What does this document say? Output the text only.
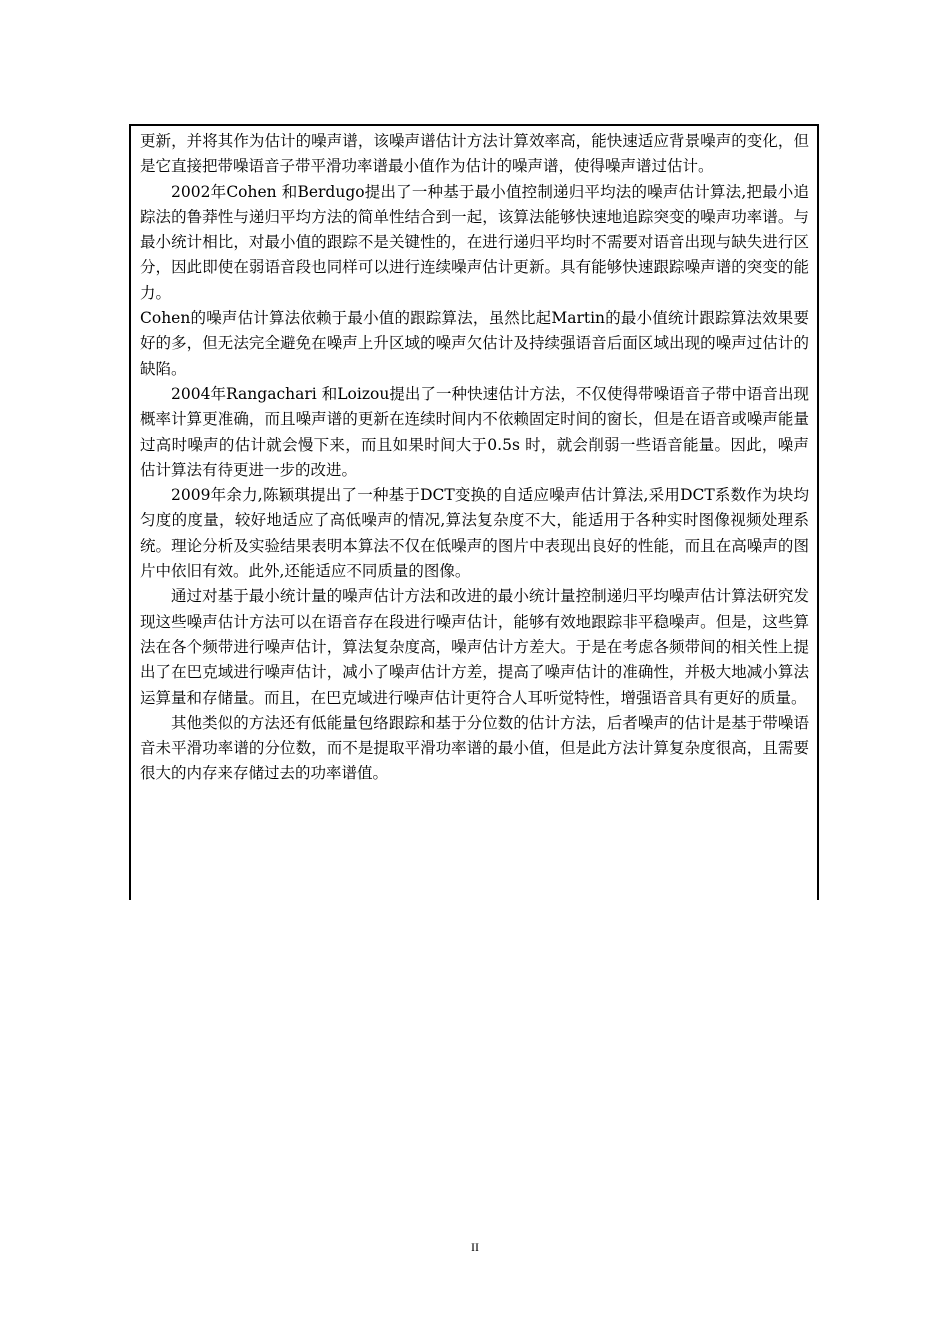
更新，并将其作为估计的噪声谱，该噪声谱估计方法计算效率高，能快速适应背景噪声的变化，但是它直接把带噪语音子带平滑功率谱最小值作为估计的噪声谱，使得噪声谱过估计。

2002年Cohen 和Berdugo提出了一种基于最小值控制递归平均法的噪声估计算法,把最小追踪法的鲁莽性与递归平均方法的简单性结合到一起，该算法能够快速地追踪突变的噪声功率谱。与最小统计相比，对最小值的跟踪不是关键性的，在进行递归平均时不需要对语音出现与缺失进行区分，因此即使在弱语音段也同样可以进行连续噪声估计更新。具有能够快速跟踪噪声谱的突变的能力。

Cohen的噪声估计算法依赖于最小值的跟踪算法，虽然比起Martin的最小值统计跟踪算法效果要好的多，但无法完全避免在噪声上升区域的噪声欠估计及持续强语音后面区域出现的噪声过估计的缺陷。

2004年Rangachari 和Loizou提出了一种快速估计方法，不仅使得带噪语音子带中语音出现概率计算更准确，而且噪声谱的更新在连续时间内不依赖固定时间的窗长，但是在语音或噪声能量过高时噪声的估计就会慢下来，而且如果时间大于0.5s 时，就会削弱一些语音能量。因此，噪声估计算法有待更进一步的改进。

2009年余力,陈颖琪提出了一种基于DCT变换的自适应噪声估计算法,采用DCT系数作为块均匀度的度量，较好地适应了高低噪声的情况,算法复杂度不大，能适用于各种实时图像视频处理系统。理论分析及实验结果表明本算法不仅在低噪声的图片中表现出良好的性能，而且在高噪声的图片中依旧有效。此外,还能适应不同质量的图像。

通过对基于最小统计量的噪声估计方法和改进的最小统计量控制递归平均噪声估计算法研究发现这些噪声估计方法可以在语音存在段进行噪声估计，能够有效地跟踪非平稳噪声。但是，这些算法在各个频带进行噪声估计，算法复杂度高，噪声估计方差大。于是在考虑各频带间的相关性上提出了在巴克域进行噪声估计，减小了噪声估计方差，提高了噪声估计的准确性，并极大地减小算法运算量和存储量。而且，在巴克域进行噪声估计更符合人耳听觉特性，增强语音具有更好的质量。

其他类似的方法还有低能量包络跟踪和基于分位数的估计方法，后者噪声的估计是基于带噪语音未平滑功率谱的分位数，而不是提取平滑功率谱的最小值，但是此方法计算复杂度很高，且需要很大的内存来存储过去的功率谱值。

II
